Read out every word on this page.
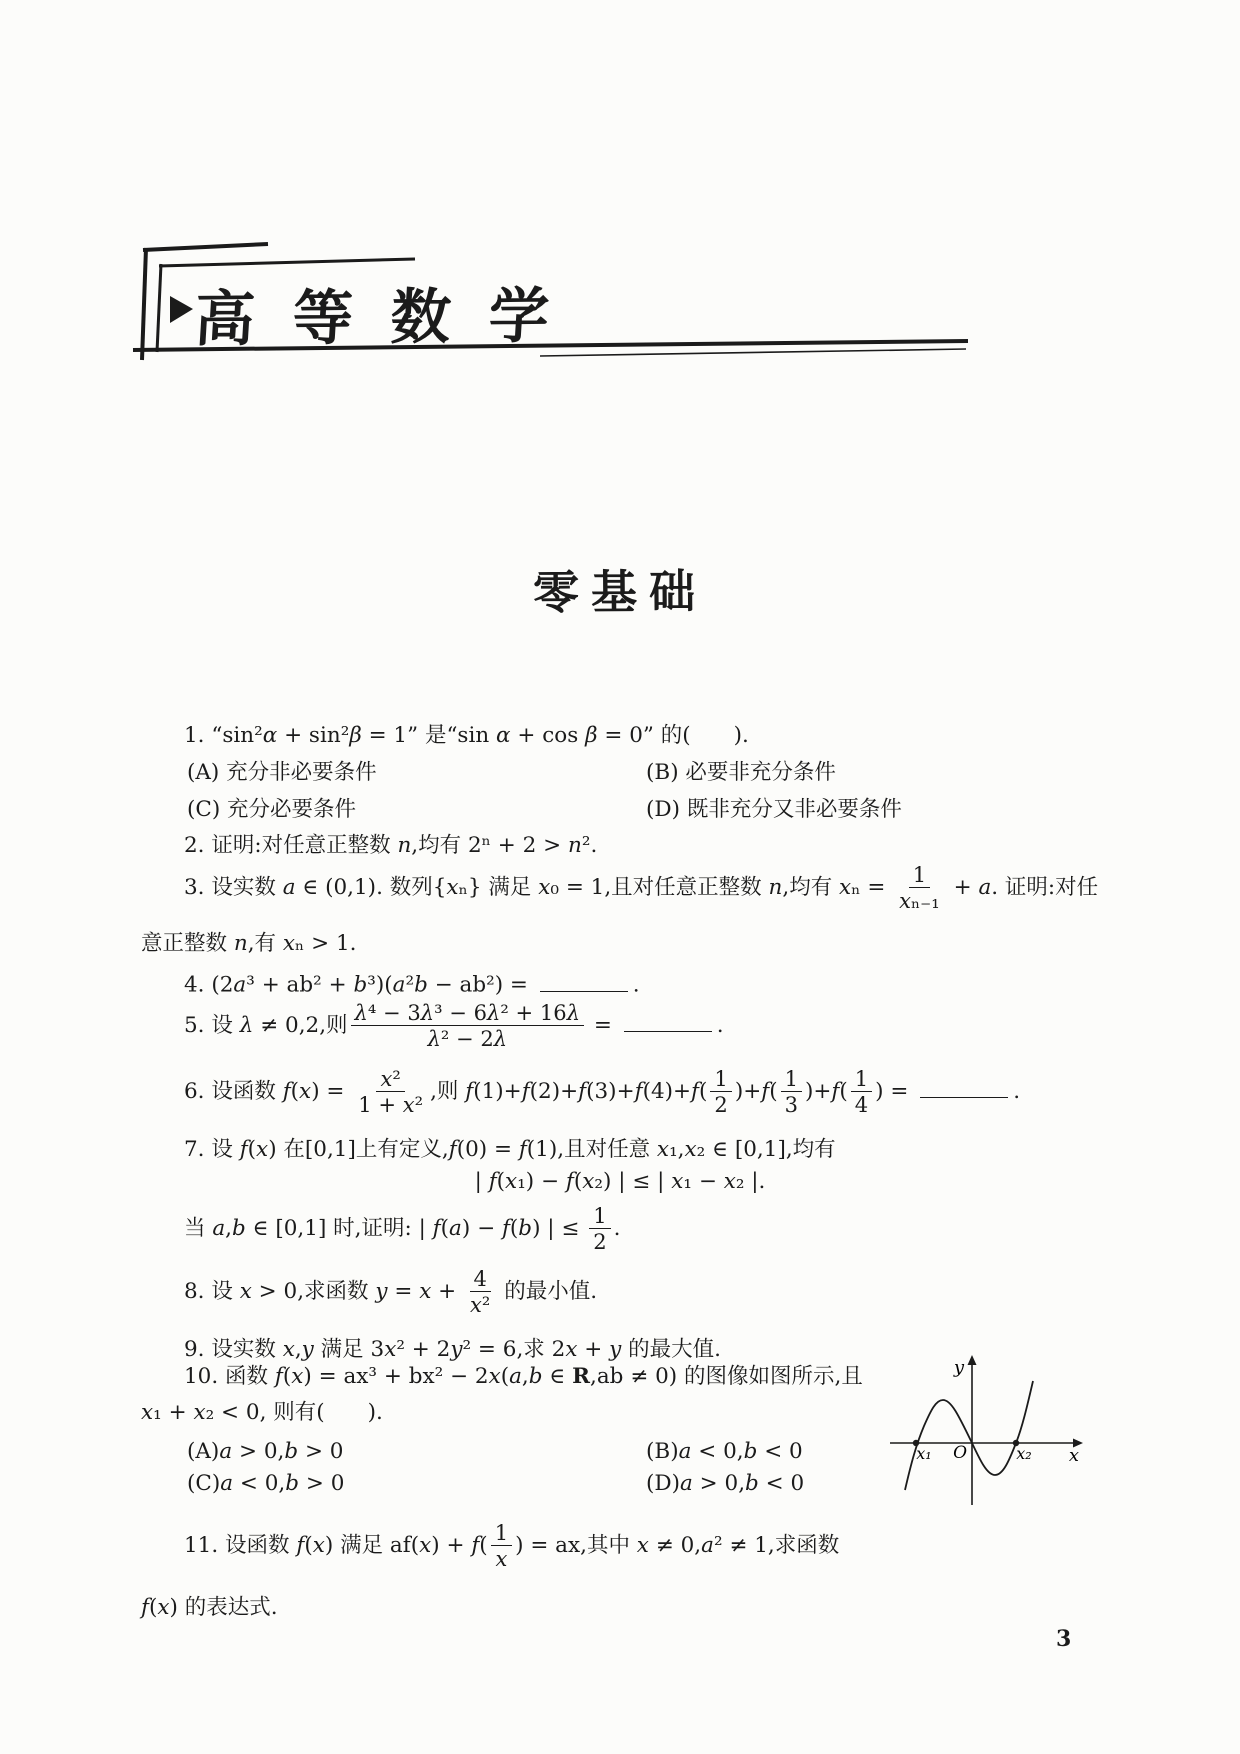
高等数学
零基础
1. “sin²α + sin²β = 1” 是“sin α + cos β = 0” 的(　　).
(A) 充分非必要条件	(B) 必要非充分条件
(C) 充分必要条件	(D) 既非充分又非必要条件
2. 证明:对任意正整数 n,均有 2ⁿ + 2 > n².
3. 设实数 a ∈ (0,1). 数列{xₙ} 满足 x₀ = 1,且对任意正整数 n,均有 $x_n = \frac{1}{\text{xₙ₋₁}} + a$. 证明:对任
意正整数 n,有 xₙ > 1.
4. (2a³ + ab² + b³)(a²b − ab²) =	.
5. 设 λ ≠ 0,2,则 $\frac{\text{λ⁴ − 3λ³ − 6λ² + 16λ}}{\text{λ² − 2λ}}$ =	.
6. 设函数 $f(x) = \frac{\text{x²}}{\text{1 + x²}}$ ,则 $f(1)+f(2)+f(3)+f(4)+f( \frac{1}{2} )+f( \frac{1}{3} )+f( \frac{1}{4}$ ) =	.
7. 设 f(x) 在[0,1]上有定义,f(0) = f(1),且对任意 x₁,x₂ ∈ [0,1],均有
| f(x₁) − f(x₂) | ≤ | x₁ − x₂ |.
当 a,b ∈ [0,1] 时,证明: | f(a) − f(b) | ≤ $\frac{1}{2}$ .
8. 设 x > 0,求函数 $y = x + \frac{4}{\text{x²}}$ 的最小值.
9. 设实数 x,y 满足 3x² + 2y² = 6,求 2x + y 的最大值.
10. 函数 f(x) = ax³ + bx² − 2x(a,b ∈ R,ab ≠ 0) 的图像如图所示,且
x₁ + x₂ < 0, 则有(　　).
(A)a > 0,b > 0	(B)a < 0,b < 0
(C)a < 0,b > 0	(D)a > 0,b < 0
y
x
O
x₁	x₂
11. 设函数 f(x) 满足 $af(x) + f( \frac{1}{x}$ ) = ax,其中 x ≠ 0,a² ≠ 1,求函数
f(x) 的表达式.
3
